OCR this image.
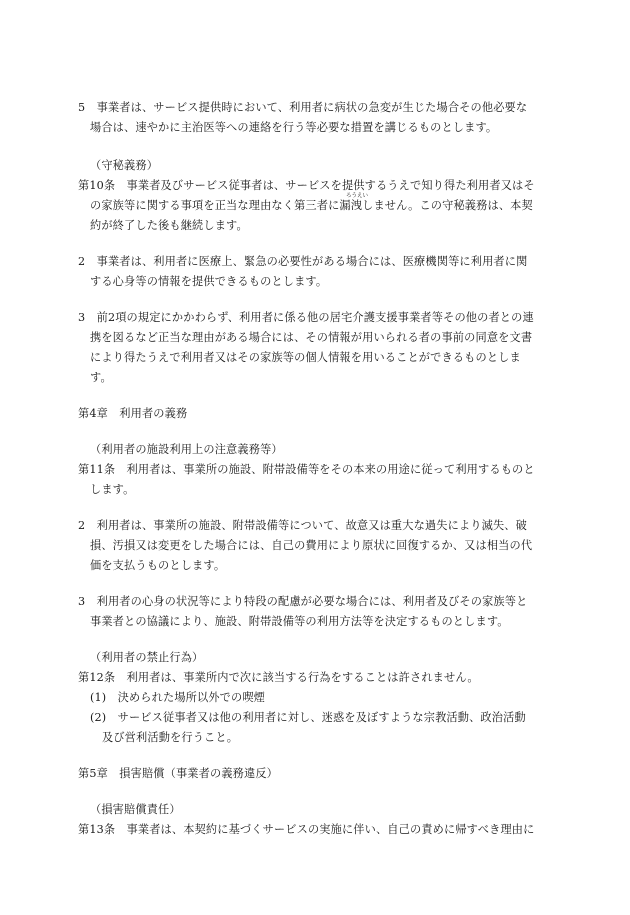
5　事業者は、サービス提供時において、利用者に病状の急変が生じた場合その他必要な
場合は、速やかに主治医等への連絡を行う等必要な措置を講じるものとします。
（守秘義務）
第10条　事業者及びサービス従事者は、サービスを提供するうえで知り得た利用者又はそ
ろうえい
の家族等に関する事項を正当な理由なく第三者に漏洩しません。この守秘義務は、本契
約が終了した後も継続します。
2　事業者は、利用者に医療上、緊急の必要性がある場合には、医療機関等に利用者に関
する心身等の情報を提供できるものとします。
3　前2項の規定にかかわらず、利用者に係る他の居宅介護支援事業者等その他の者との連
携を図るなど正当な理由がある場合には、その情報が用いられる者の事前の同意を文書
により得たうえで利用者又はその家族等の個人情報を用いることができるものとしま
す。
第4章　利用者の義務
（利用者の施設利用上の注意義務等）
第11条　利用者は、事業所の施設、附帯設備等をその本来の用途に従って利用するものと
します。
2　利用者は、事業所の施設、附帯設備等について、故意又は重大な過失により滅失、破
損、汚損又は変更をした場合には、自己の費用により原状に回復するか、又は相当の代
価を支払うものとします。
3　利用者の心身の状況等により特段の配慮が必要な場合には、利用者及びその家族等と
事業者との協議により、施設、附帯設備等の利用方法等を決定するものとします。
（利用者の禁止行為）
第12条　利用者は、事業所内で次に該当する行為をすることは許されません。
(1)　決められた場所以外での喫煙
(2)　サービス従事者又は他の利用者に対し、迷惑を及ぼすような宗教活動、政治活動
及び営利活動を行うこと。
第5章　損害賠償（事業者の義務違反）
（損害賠償責任）
第13条　事業者は、本契約に基づくサービスの実施に伴い、自己の責めに帰すべき理由に
